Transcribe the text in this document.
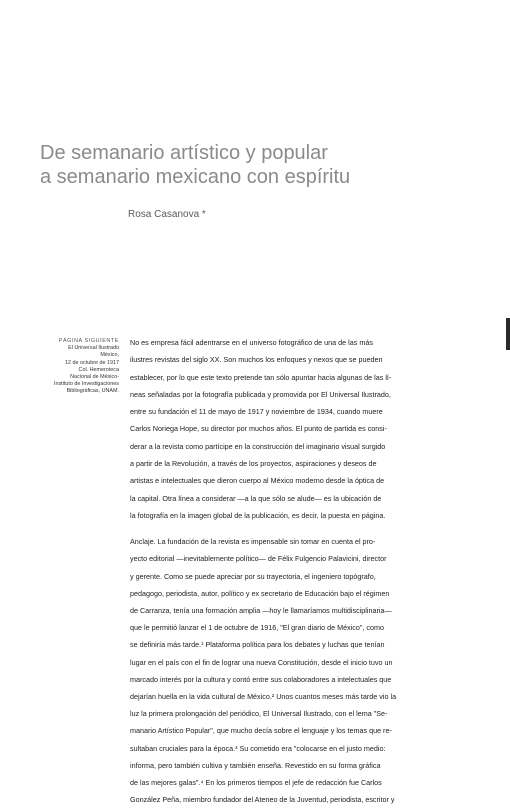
De semanario artístico y popular
a semanario mexicano con espíritu
Rosa Casanova *
PÁGINA SIGUIENTE
El Universal Ilustrado
México,
12 de octubre de 1917
Col. Hemeroteca
Nacional de México-
Instituto de Investigaciones
Bibliográficas, UNAM.
No es empresa fácil adentrarse en el universo fotográfico de una de las más
ilustres revistas del siglo XX. Son muchos los enfoques y nexos que se pueden
establecer, por lo que este texto pretende tan sólo apuntar hacia algunas de las lí-
neas señaladas por la fotografía publicada y promovida por El Universal Ilustrado,
entre su fundación el 11 de mayo de 1917 y noviembre de 1934, cuando muere
Carlos Noriega Hope, su director por muchos años. El punto de partida es consi-
derar a la revista como partícipe en la construcción del imaginario visual surgido
a partir de la Revolución, a través de los proyectos, aspiraciones y deseos de
artistas e intelectuales que dieron cuerpo al México moderno desde la óptica de
la capital. Otra línea a considerar —a la que sólo se alude— es la ubicación de
la fotografía en la imagen global de la publicación, es decir, la puesta en página.
Anclaje. La fundación de la revista es impensable sin tomar en cuenta el pro-
yecto editorial —inevitablemente político— de Félix Fulgencio Palavicini, director
y gerente. Como se puede apreciar por su trayectoria, el ingeniero topógrafo,
pedagogo, periodista, autor, político y ex secretario de Educación bajo el régimen
de Carranza, tenía una formación amplia —hoy le llamaríamos multidisciplinaria—
que le permitió lanzar el 1 de octubre de 1916, "El gran diario de México", como
se definiría más tarde.¹ Plataforma política para los debates y luchas que tenían
lugar en el país con el fin de lograr una nueva Constitución, desde el inicio tuvo un
marcado interés por la cultura y contó entre sus colaboradores a intelectuales que
dejarían huella en la vida cultural de México.² Unos cuantos meses más tarde vio la
luz la primera prolongación del periódico, El Universal Ilustrado, con el lema "Se-
manario Artístico Popular", que mucho decía sobre el lenguaje y los temas que re-
sultaban cruciales para la época.³ Su cometido era "colocarse en el justo medio:
informa, pero también cultiva y también enseña. Revestido en su forma gráfica
de las mejores galas".⁴ En los primeros tiempos el jefe de redacción fue Carlos
González Peña, miembro fundador del Ateneo de la Juventud, periodista, escritor y
